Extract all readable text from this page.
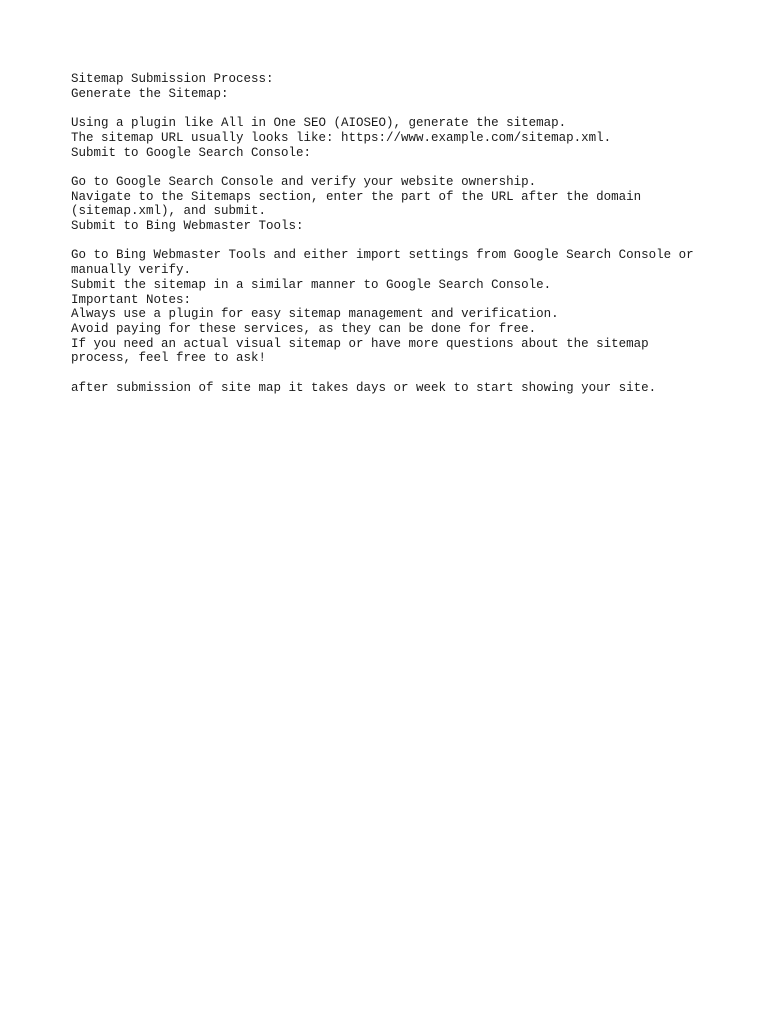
Sitemap Submission Process:
Generate the Sitemap:
Using a plugin like All in One SEO (AIOSEO), generate the sitemap.
The sitemap URL usually looks like: https://www.example.com/sitemap.xml.
Submit to Google Search Console:
Go to Google Search Console and verify your website ownership.
Navigate to the Sitemaps section, enter the part of the URL after the domain
(sitemap.xml), and submit.
Submit to Bing Webmaster Tools:
Go to Bing Webmaster Tools and either import settings from Google Search Console or
manually verify.
Submit the sitemap in a similar manner to Google Search Console.
Important Notes:
Always use a plugin for easy sitemap management and verification.
Avoid paying for these services, as they can be done for free.
If you need an actual visual sitemap or have more questions about the sitemap
process, feel free to ask!
after submission of site map it takes days or week to start showing your site.
